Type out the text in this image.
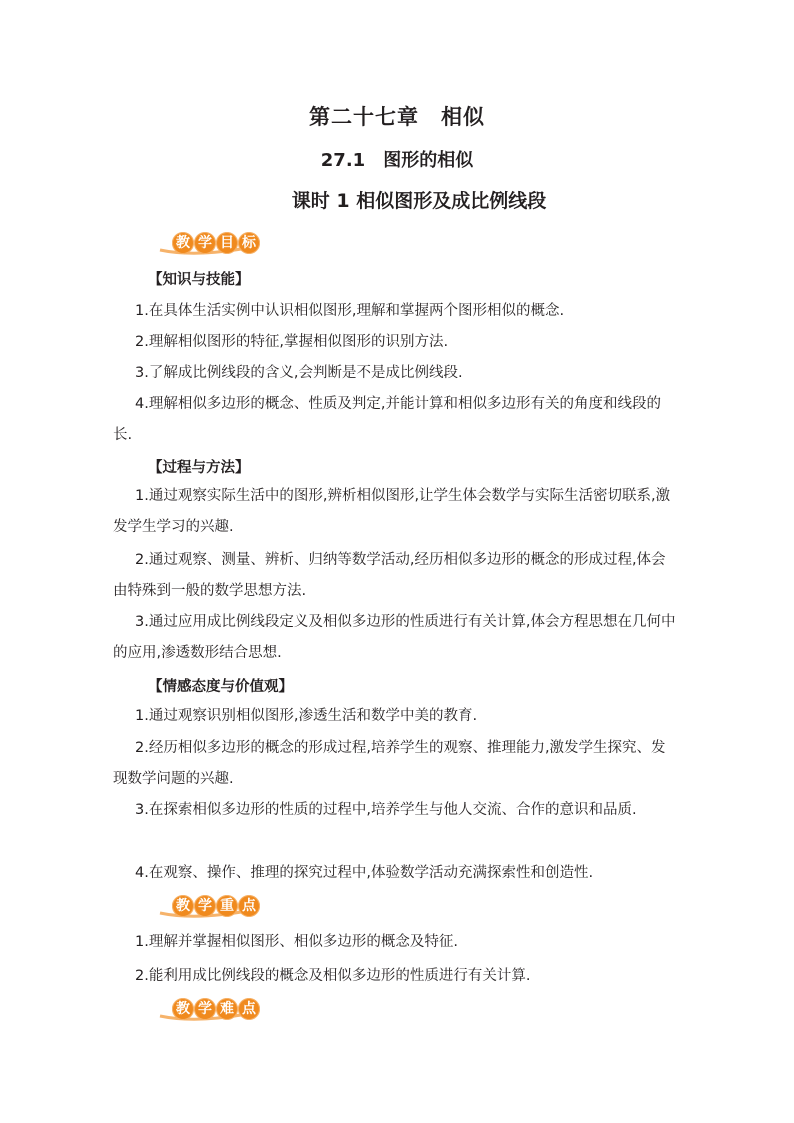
第二十七章　相似
27.1　图形的相似
课时 1 相似图形及成比例线段
教 学 目 标
【知识与技能】
1.在具体生活实例中认识相似图形,理解和掌握两个图形相似的概念.
2.理解相似图形的特征,掌握相似图形的识别方法.
3.了解成比例线段的含义,会判断是不是成比例线段.
4.理解相似多边形的概念、性质及判定,并能计算和相似多边形有关的角度和线段的长.
【过程与方法】
1.通过观察实际生活中的图形,辨析相似图形,让学生体会数学与实际生活密切联系,激发学生学习的兴趣.
2.通过观察、测量、辨析、归纳等数学活动,经历相似多边形的概念的形成过程,体会由特殊到一般的数学思想方法.
3.通过应用成比例线段定义及相似多边形的性质进行有关计算,体会方程思想在几何中的应用,渗透数形结合思想.
【情感态度与价值观】
1.通过观察识别相似图形,渗透生活和数学中美的教育.
2.经历相似多边形的概念的形成过程,培养学生的观察、推理能力,激发学生探究、发现数学问题的兴趣.
3.在探索相似多边形的性质的过程中,培养学生与他人交流、合作的意识和品质.
4.在观察、操作、推理的探究过程中,体验数学活动充满探索性和创造性.
教 学 重 点
1.理解并掌握相似图形、相似多边形的概念及特征.
2.能利用成比例线段的概念及相似多边形的性质进行有关计算.
教 学 难 点
